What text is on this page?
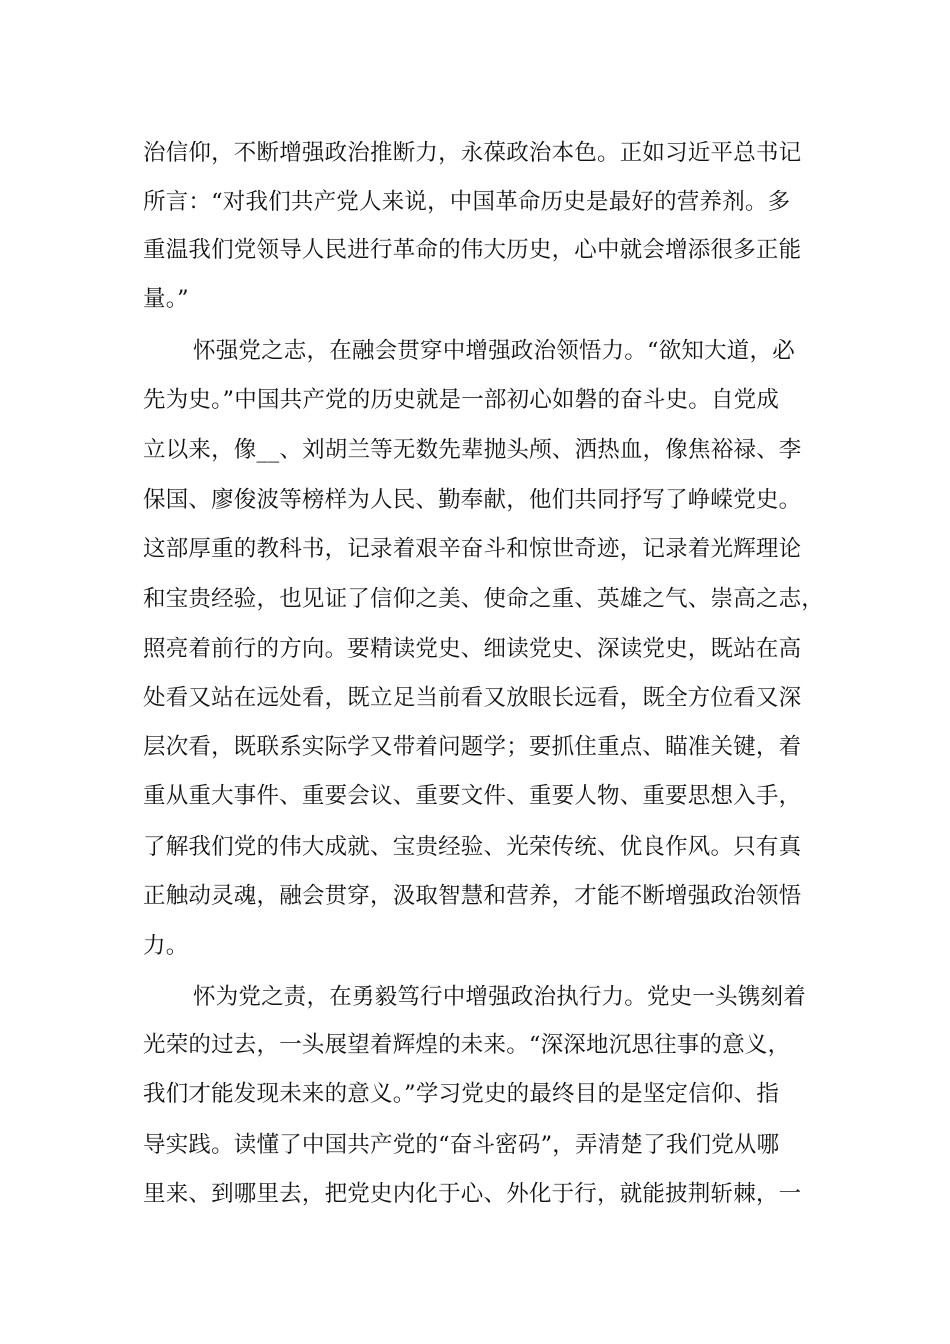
治信仰，不断增强政治推断力，永葆政治本色。正如习近平总书记
所言：“对我们共产党人来说，中国革命历史是最好的营养剂。多
重温我们党领导人民进行革命的伟大历史，心中就会增添很多正能
量。”
怀强党之志，在融会贯穿中增强政治领悟力。“欲知大道，必
先为史。”中国共产党的历史就是一部初心如磐的奋斗史。自党成
立以来，像__、刘胡兰等无数先辈抛头颅、洒热血，像焦裕禄、李
保国、廖俊波等榜样为人民、勤奉献，他们共同抒写了峥嵘党史。
这部厚重的教科书，记录着艰辛奋斗和惊世奇迹，记录着光辉理论
和宝贵经验，也见证了信仰之美、使命之重、英雄之气、崇高之志，
照亮着前行的方向。要精读党史、细读党史、深读党史，既站在高
处看又站在远处看，既立足当前看又放眼长远看，既全方位看又深
层次看，既联系实际学又带着问题学；要抓住重点、瞄准关键，着
重从重大事件、重要会议、重要文件、重要人物、重要思想入手，
了解我们党的伟大成就、宝贵经验、光荣传统、优良作风。只有真
正触动灵魂，融会贯穿，汲取智慧和营养，才能不断增强政治领悟
力。
怀为党之责，在勇毅笃行中增强政治执行力。党史一头镌刻着
光荣的过去，一头展望着辉煌的未来。“深深地沉思往事的意义，
我们才能发现未来的意义。”学习党史的最终目的是坚定信仰、指
导实践。读懂了中国共产党的“奋斗密码”，弄清楚了我们党从哪
里来、到哪里去，把党史内化于心、外化于行，就能披荆斩棘，一
